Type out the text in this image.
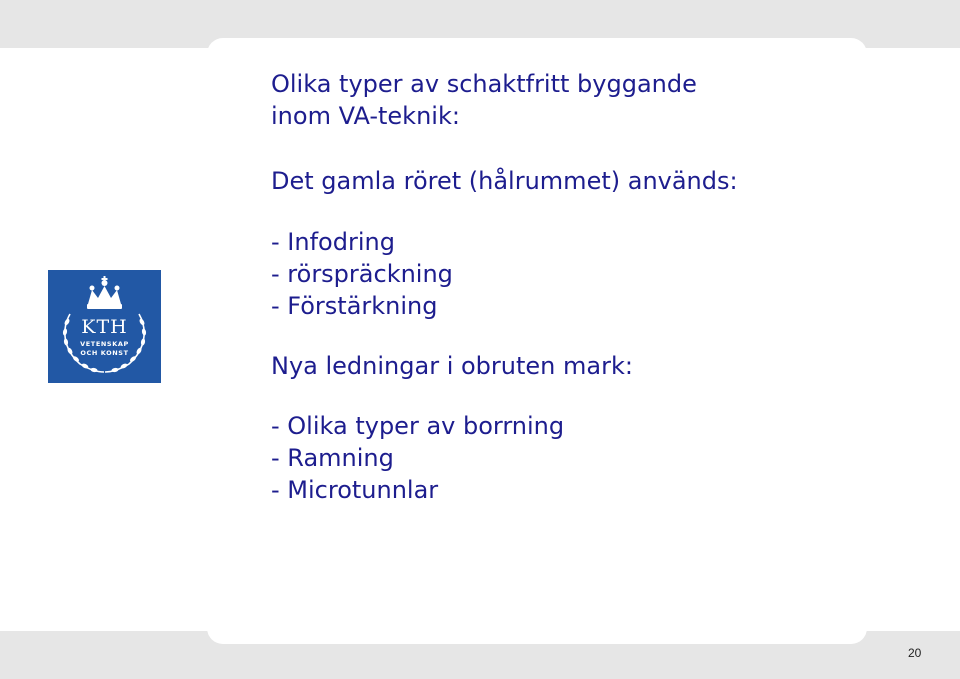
KTH
VETENSKAP
OCH KONST
Olika typer av schaktfritt byggande
inom VA-teknik:
Det gamla röret (hålrummet) används:
- Infodring
- rörspräckning
- Förstärkning
Nya ledningar i obruten mark:
- Olika typer av borrning
- Ramning
- Microtunnlar
20
